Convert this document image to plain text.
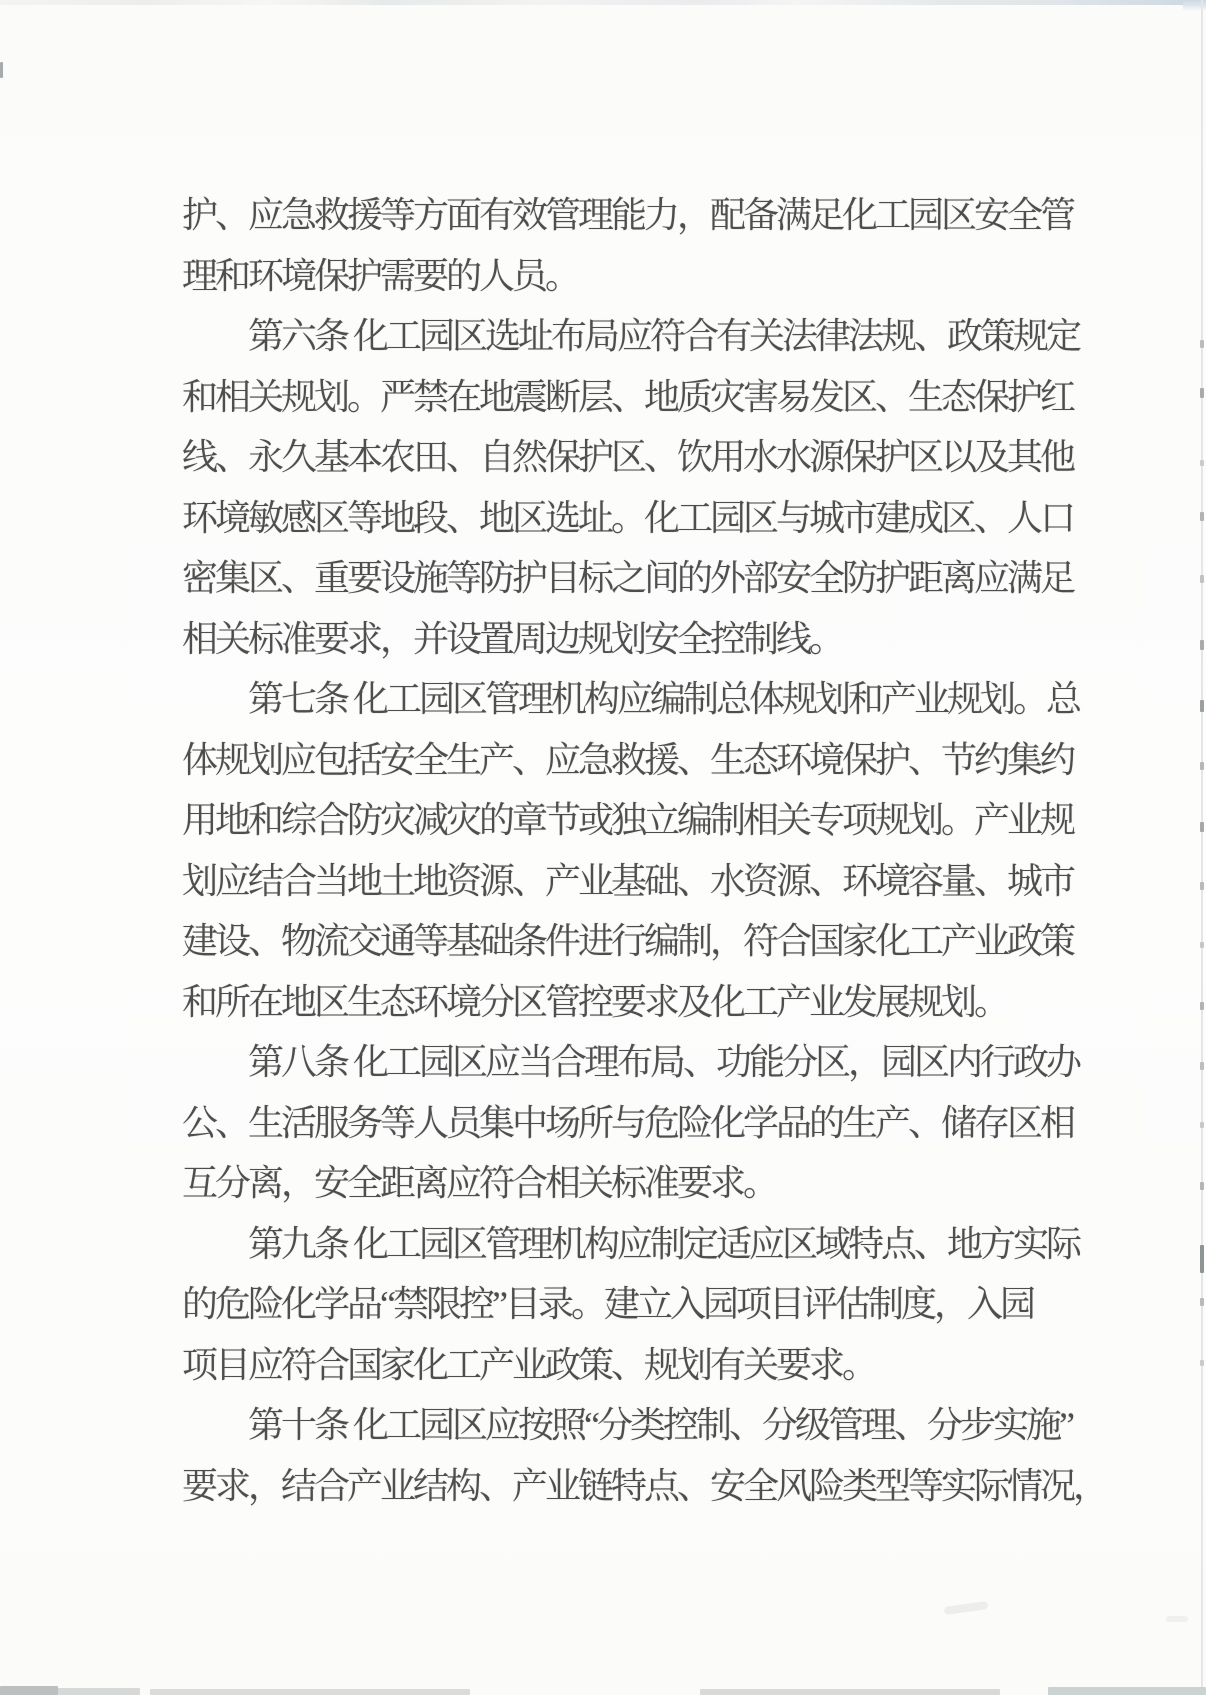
护、应急救援等方面有效管理能力，配备满足化工园区安全管
理和环境保护需要的人员。
　　第六条 化工园区选址布局应符合有关法律法规、政策规定
和相关规划。严禁在地震断层、地质灾害易发区、生态保护红
线、永久基本农田、自然保护区、饮用水水源保护区以及其他
环境敏感区等地段、地区选址。化工园区与城市建成区、人口
密集区、重要设施等防护目标之间的外部安全防护距离应满足
相关标准要求，并设置周边规划安全控制线。
　　第七条 化工园区管理机构应编制总体规划和产业规划。总
体规划应包括安全生产、应急救援、生态环境保护、节约集约
用地和综合防灾减灾的章节或独立编制相关专项规划。产业规
划应结合当地土地资源、产业基础、水资源、环境容量、城市
建设、物流交通等基础条件进行编制，符合国家化工产业政策
和所在地区生态环境分区管控要求及化工产业发展规划。
　　第八条 化工园区应当合理布局、功能分区，园区内行政办
公、生活服务等人员集中场所与危险化学品的生产、储存区相
互分离，安全距离应符合相关标准要求。
　　第九条 化工园区管理机构应制定适应区域特点、地方实际
的危险化学品“禁限控”目录。建立入园项目评估制度，入园
项目应符合国家化工产业政策、规划有关要求。
　　第十条 化工园区应按照“分类控制、分级管理、分步实施”
要求，结合产业结构、产业链特点、安全风险类型等实际情况，
